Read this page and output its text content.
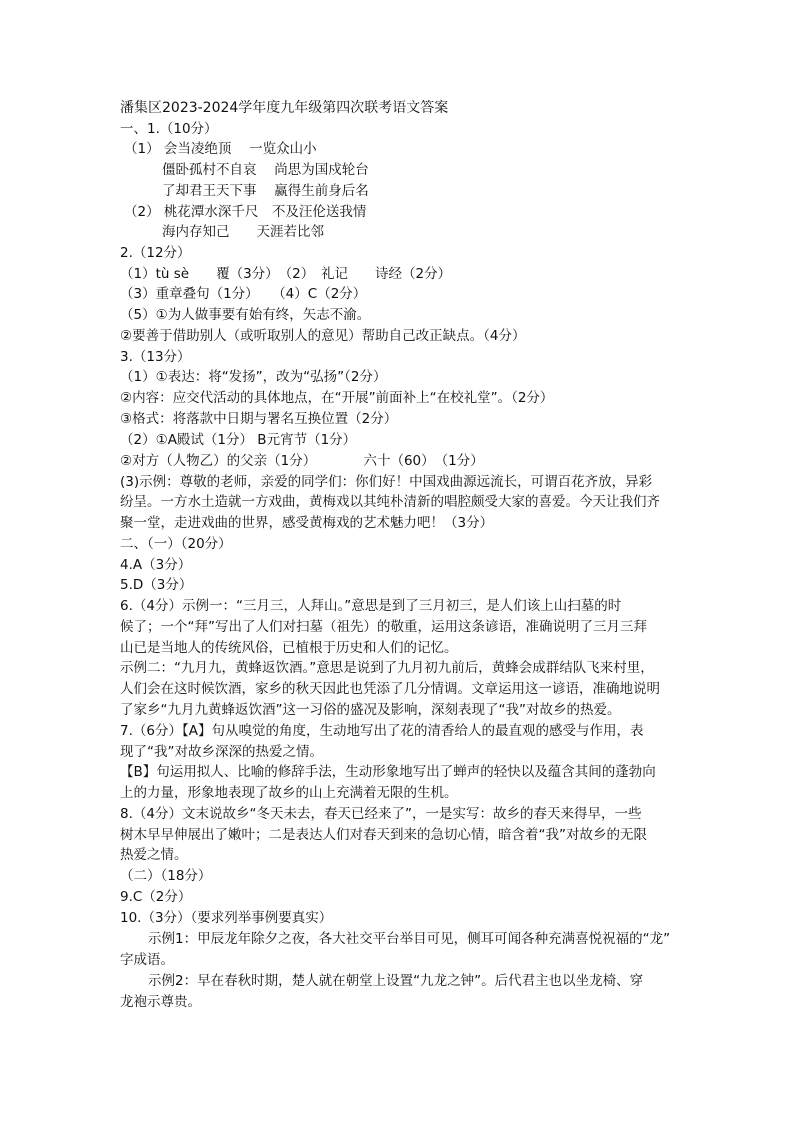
潘集区2023-2024学年度九年级第四次联考语文答案
一、1.（10分）
（1） 会当凌绝顶　 一览众山小
僵卧孤村不自哀　 尚思为国戍轮台
了却君王天下事　 赢得生前身后名
（2） 桃花潭水深千尺　不及汪伦送我情
海内存知己　　天涯若比邻
2.（12分）
（1）tù sè　　覆（3分）　（2）　礼记　　诗经（2分）
（3）重章叠句（1分）　　（4）C（2分）
（5）①为人做事要有始有终，矢志不渝。
②要善于借助别人（或听取别人的意见）帮助自己改正缺点。（4分）
3.（13分）
（1）①表达：将“发扬”，改为“弘扬”（2分）
②内容：应交代活动的具体地点，在“开展”前面补上“在校礼堂”。（2分）
③格式：将落款中日期与署名互换位置（2分）
（2）①A殿试（1分） B元宵节（1分）
②对方（人物乙）的父亲（1分）　　　　六十（60）　（1分）
(3)示例：尊敬的老师，亲爱的同学们：你们好！中国戏曲源远流长，可谓百花齐放，异彩
纷呈。一方水土造就一方戏曲，黄梅戏以其纯朴清新的唱腔颇受大家的喜爱。今天让我们齐
聚一堂，走进戏曲的世界，感受黄梅戏的艺术魅力吧！（3分）
二、（一）（20分）
4.A（3分）
5.D（3分）
6.（4分）示例一：“三月三，人拜山。”意思是到了三月初三，是人们该上山扫墓的时
候了；一个“拜”写出了人们对扫墓（祖先）的敬重，运用这条谚语，准确说明了三月三拜
山已是当地人的传统风俗，已植根于历史和人们的记忆。
示例二：“九月九，黄蜂返饮酒。”意思是说到了九月初九前后，黄蜂会成群结队飞来村里，
人们会在这时候饮酒，家乡的秋天因此也凭添了几分情调。文章运用这一谚语，准确地说明
了家乡“九月九黄蜂返饮酒”这一习俗的盛况及影响，深刻表现了“我”对故乡的热爱。
7.（6分）【A】句从嗅觉的角度，生动地写出了花的清香给人的最直观的感受与作用，表
现了“我”对故乡深深的热爱之情。
【B】句运用拟人、比喻的修辞手法，生动形象地写出了蝉声的轻快以及蕴含其间的蓬勃向
上的力量，形象地表现了故乡的山上充满着无限的生机。
8.（4分）文末说故乡“冬天未去，春天已经来了”，一是实写：故乡的春天来得早，一些
树木早早伸展出了嫩叶；二是表达人们对春天到来的急切心情，暗含着“我”对故乡的无限
热爱之情。
（二）（18分）
9.C（2分）
10.（3分）（要求列举事例要真实）
示例1：甲辰龙年除夕之夜，各大社交平台举目可见，侧耳可闻各种充满喜悦祝福的“龙”
字成语。
示例2：早在春秋时期，楚人就在朝堂上设置“九龙之钟”。后代君主也以坐龙椅、穿
龙袍示尊贵。
